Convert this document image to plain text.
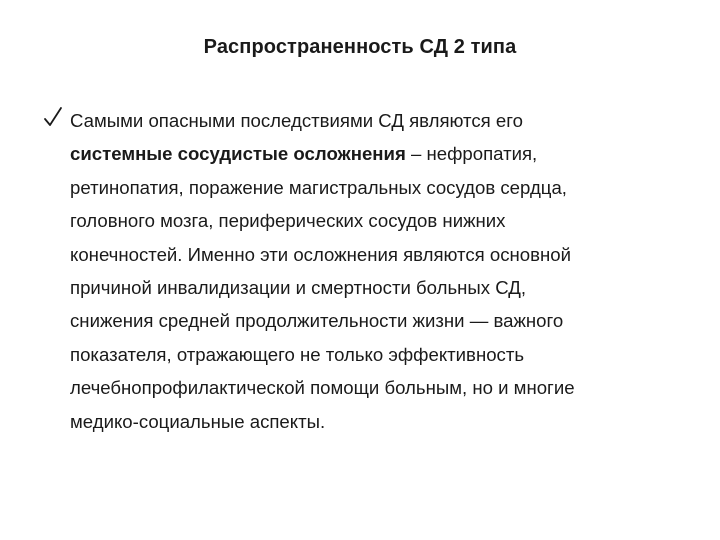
Распространенность СД 2 типа
Самыми опасными последствиями СД являются его
системные сосудистые осложнения – нефропатия,
ретинопатия, поражение магистральных сосудов сердца,
головного мозга, периферических сосудов нижних
конечностей. Именно эти осложнения являются основной
причиной инвалидизации и смертности больных СД,
снижения средней продолжительности жизни — важного
показателя, отражающего не только эффективность
лечебнопрофилактической помощи больным, но и многие
медико-социальные аспекты.
